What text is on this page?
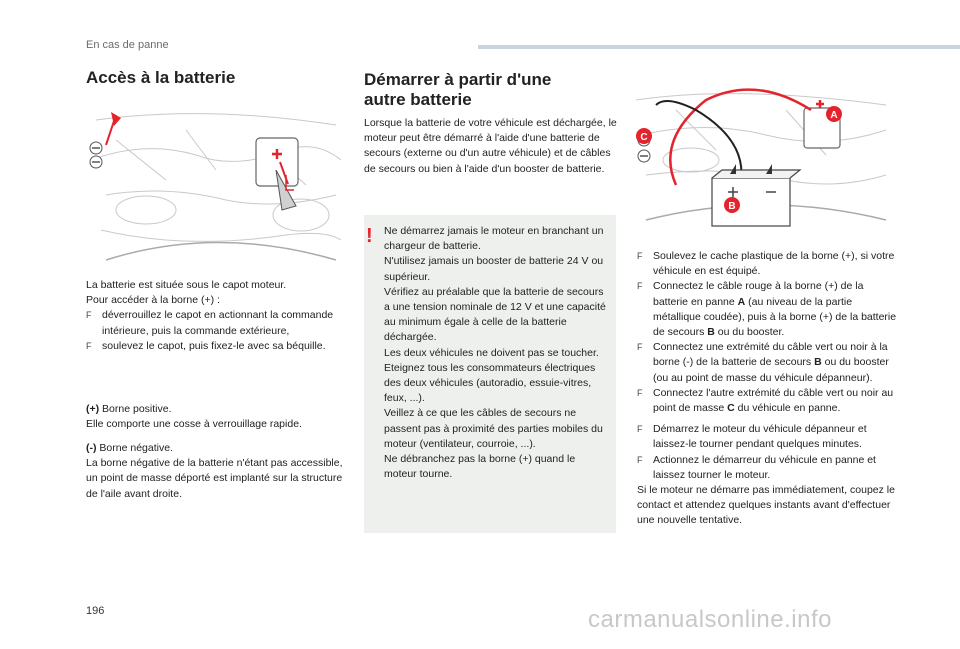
En cas de panne
Accès à la batterie
La batterie est située sous le capot moteur.
Pour accéder à la borne (+) :
F déverrouillez le capot en actionnant la commande intérieure, puis la commande extérieure,
F soulevez le capot, puis fixez-le avec sa béquille.
(+) Borne positive.
Elle comporte une cosse à verrouillage rapide.
(-) Borne négative.
La borne négative de la batterie n'étant pas accessible, un point de masse déporté est implanté sur la structure de l'aile avant droite.
Démarrer à partir d'une
autre batterie
Lorsque la batterie de votre véhicule est déchargée, le moteur peut être démarré à l'aide d'une batterie de secours (externe ou d'un autre véhicule) et de câbles de secours ou bien à l'aide d'un booster de batterie.
!	Ne démarrez jamais le moteur en branchant un chargeur de batterie.
N'utilisez jamais un booster de batterie 24 V ou supérieur.
Vérifiez au préalable que la batterie de secours a une tension nominale de 12 V et une capacité au minimum égale à celle de la batterie déchargée.
Les deux véhicules ne doivent pas se toucher.
Eteignez tous les consommateurs électriques des deux véhicules (autoradio, essuie-vitres, feux, ...).
Veillez à ce que les câbles de secours ne passent pas à proximité des parties mobiles du moteur (ventilateur, courroie, ...).
Ne débranchez pas la borne (+) quand le moteur tourne.
A
B
C
F Soulevez le cache plastique de la borne (+), si votre véhicule en est équipé.
F Connectez le câble rouge à la borne (+) de la batterie en panne A (au niveau de la partie métallique coudée), puis à la borne (+) de la batterie de secours B ou du booster.
F Connectez une extrémité du câble vert ou noir à la borne (-) de la batterie de secours B ou du booster (ou au point de masse du véhicule dépanneur).
F Connectez l'autre extrémité du câble vert ou noir au point de masse C du véhicule en panne.
F Démarrez le moteur du véhicule dépanneur et laissez-le tourner pendant quelques minutes.
F Actionnez le démarreur du véhicule en panne et laissez tourner le moteur.
Si le moteur ne démarre pas immédiatement, coupez le contact et attendez quelques instants avant d'effectuer une nouvelle tentative.
196	carmanualsonline.info
